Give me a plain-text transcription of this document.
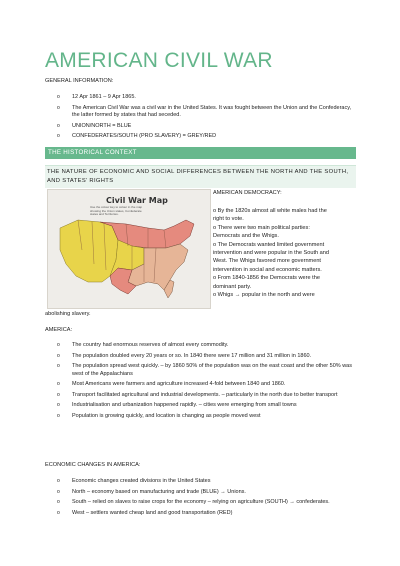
AMERICAN CIVIL WAR
GENERAL INFORMATION:
o 12 Apr 1861 – 9 Apr 1865.
o The American Civil War was a civil war in the United States. It was fought between the Union and the Confederacy, the latter formed by states that had seceded.
o UNION/NORTH = BLUE
o CONFEDERATES/SOUTH (PRO SLAVERY) = GREY/RED
THE HISTORICAL CONTEXT
THE NATURE OF ECONOMIC AND SOCIAL DIFFERENCES BETWEEN THE NORTH AND THE SOUTH, AND STATES’ RIGHTS
Civil War Map
Use the colour key to colour in the map showing the Union states, Confederate states and Territories.
AMERICAN DEMOCRACY:

o By the 1820s almost all white males had the

right to vote.

o There were two main political parties:

Democrats and the Whigs.

o The Democrats wanted limited government

intervention and were popular in the South and

West. The Whigs favored more government

intervention in social and economic matters.

o From 1840-1856 the Democrats were the

dominant party.

o Whigs → popular in the north and were

abolishing slavery.
AMERICA:
o The country had enormous reserves of almost every commodity.
o The population doubled every 20 years or so. In 1840 there were 17 million and 31 million in 1860.
o The population spread west quickly. – by 1860 50% of the population was on the east coast and the other 50% was west of the Appalachians
o Most Americans were farmers and agriculture increased 4-fold between 1840 and 1860.
o Transport facilitated agricultural and industrial developments. – particularly in the north due to better transport
o Industrialisation and urbanization happened rapidly. – cities were emerging from small towns
o Population is growing quickly, and location is changing as people moved west
ECONOMIC CHANGES IN AMERICA:
o Economic changes created divisions in the United States
o North – economy based on manufacturing and trade (BLUE) → Unions.
o South – relied on slaves to raise crops for the economy – relying on agriculture (SOUTH) → confederates.
o West – settlers wanted cheap land and good transportation (RED)
